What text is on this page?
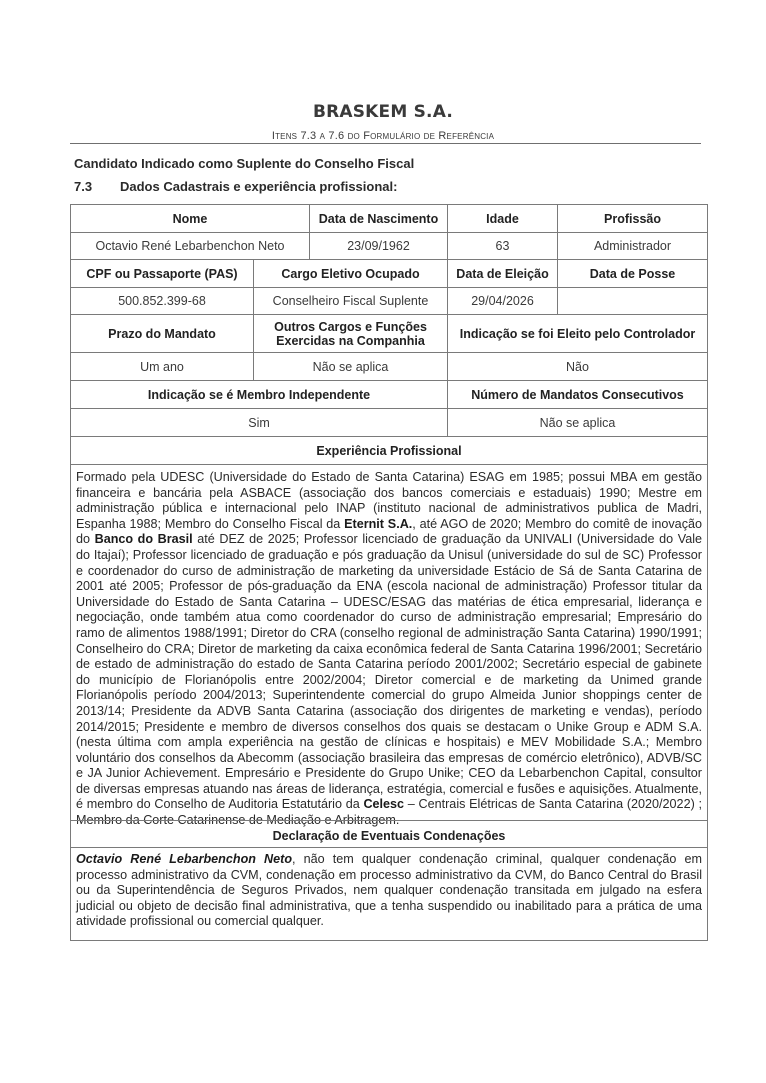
BRASKEM S.A.
Itens 7.3 a 7.6 do Formulário de Referência
Candidato Indicado como Suplente do Conselho Fiscal
7.3 Dados Cadastrais e experiência profissional:
Nome	Data de Nascimento	Idade	Profissão
Octavio René Lebarbenchon Neto	23/09/1962	63	Administrador
CPF ou Passaporte (PAS)	Cargo Eletivo Ocupado	Data de Eleição	Data de Posse
500.852.399-68	Conselheiro Fiscal Suplente	29/04/2026
Prazo do Mandato	Outros Cargos e Funções Exercidas na Companhia	Indicação se foi Eleito pelo Controlador
Um ano	Não se aplica	Não
Indicação se é Membro Independente	Número de Mandatos Consecutivos
Sim	Não se aplica
Experiência Profissional
Formado pela UDESC (Universidade do Estado de Santa Catarina) ESAG em 1985; possui MBA em gestão financeira e bancária pela ASBACE (associação dos bancos comerciais e estaduais) 1990; Mestre em administração pública e internacional pelo INAP (instituto nacional de administrativos publica de Madri, Espanha 1988; Membro do Conselho Fiscal da Eternit S.A., até AGO de 2020; Membro do comitê de inovação do Banco do Brasil até DEZ de 2025; Professor licenciado de graduação da UNIVALI (Universidade do Vale do Itajaí); Professor licenciado de graduação e pós graduação da Unisul (universidade do sul de SC) Professor e coordenador do curso de administração de marketing da universidade Estácio de Sá de Santa Catarina de 2001 até 2005; Professor de pós-graduação da ENA (escola nacional de administração) Professor titular da Universidade do Estado de Santa Catarina – UDESC/ESAG das matérias de ética empresarial, liderança e negociação, onde também atua como coordenador do curso de administração empresarial; Empresário do ramo de alimentos 1988/1991; Diretor do CRA (conselho regional de administração Santa Catarina) 1990/1991; Conselheiro do CRA; Diretor de marketing da caixa econômica federal de Santa Catarina 1996/2001; Secretário de estado de administração do estado de Santa Catarina período 2001/2002; Secretário especial de gabinete do município de Florianópolis entre 2002/2004; Diretor comercial e de marketing da Unimed grande Florianópolis período 2004/2013; Superintendente comercial do grupo Almeida Junior shoppings center de 2013/14; Presidente da ADVB Santa Catarina (associação dos dirigentes de marketing e vendas), período 2014/2015; Presidente e membro de diversos conselhos dos quais se destacam o Unike Group e ADM S.A. (nesta última com ampla experiência na gestão de clínicas e hospitais) e MEV Mobilidade S.A.; Membro voluntário dos conselhos da Abecomm (associação brasileira das empresas de comércio eletrônico), ADVB/SC e JA Junior Achievement. Empresário e Presidente do Grupo Unike; CEO da Lebarbenchon Capital, consultor de diversas empresas atuando nas áreas de liderança, estratégia, comercial e fusões e aquisições. Atualmente, é membro do Conselho de Auditoria Estatutário da Celesc – Centrais Elétricas de Santa Catarina (2020/2022) ; Membro da Corte Catarinense de Mediação e Arbitragem.
Declaração de Eventuais Condenações
Octavio René Lebarbenchon Neto, não tem qualquer condenação criminal, qualquer condenação em processo administrativo da CVM, condenação em processo administrativo da CVM, do Banco Central do Brasil ou da Superintendência de Seguros Privados, nem qualquer condenação transitada em julgado na esfera judicial ou objeto de decisão final administrativa, que a tenha suspendido ou inabilitado para a prática de uma atividade profissional ou comercial qualquer.
